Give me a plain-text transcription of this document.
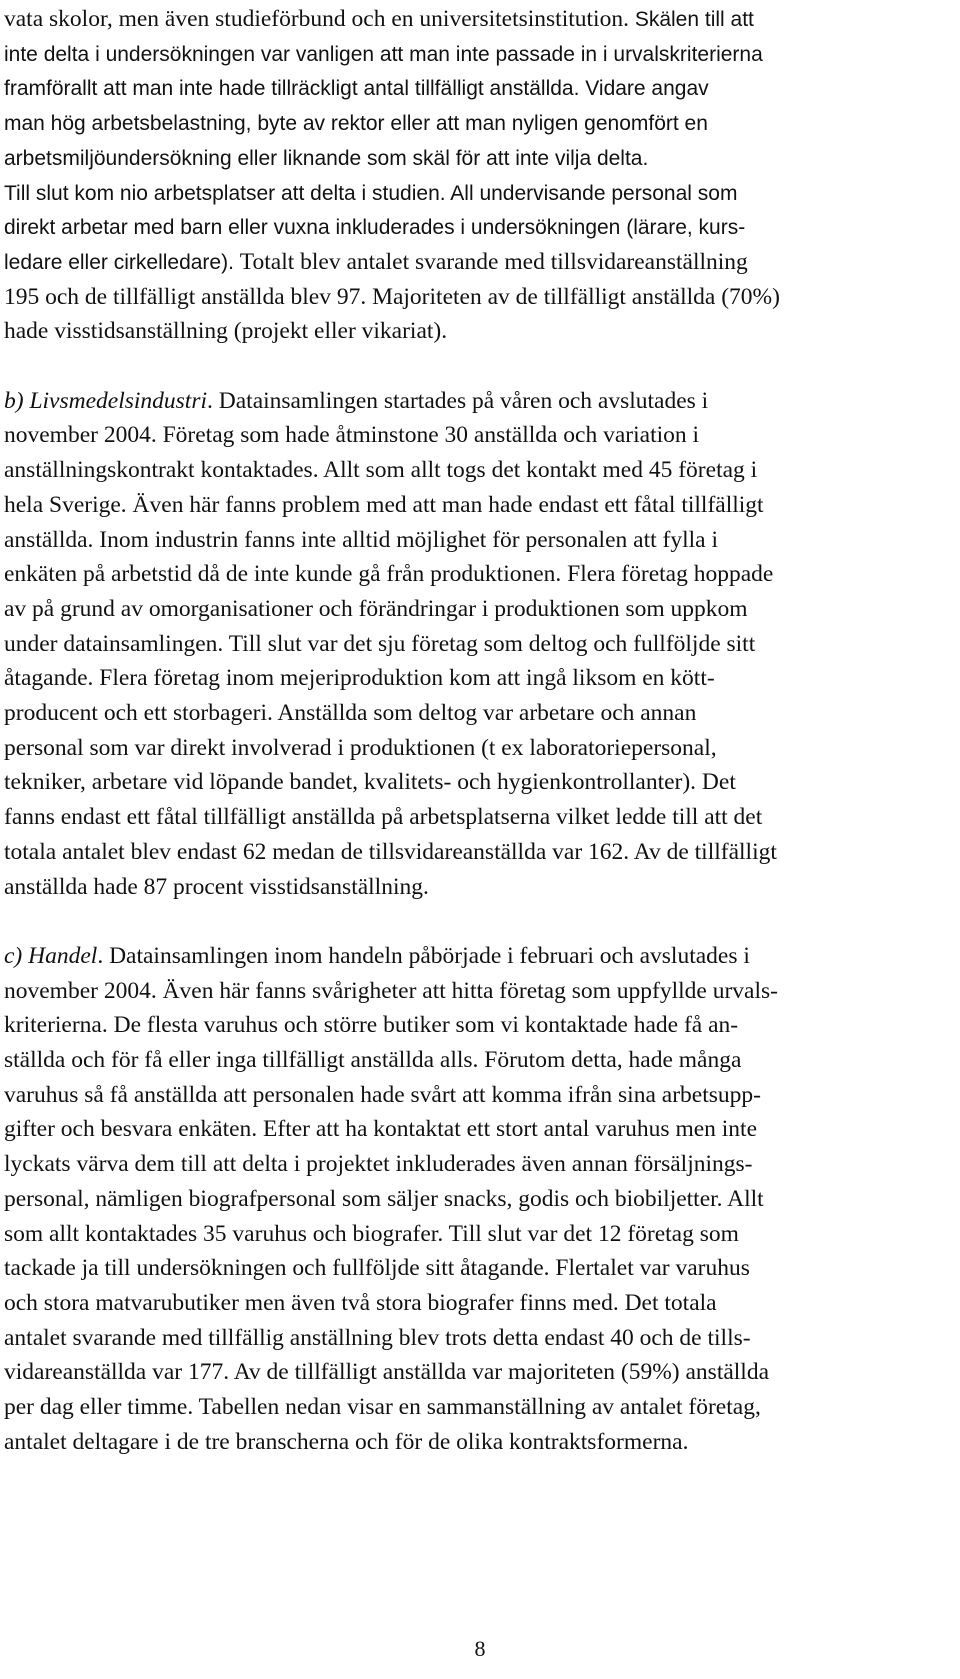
vata skolor, men även studieförbund och en universitetsinstitution. Skälen till att
inte delta i undersökningen var vanligen att man inte passade in i urvalskriterierna
framförallt att man inte hade tillräckligt antal tillfälligt anställda. Vidare angav
man hög arbetsbelastning, byte av rektor eller att man nyligen genomfört en
arbetsmiljöundersökning eller liknande som skäl för att inte vilja delta.
Till slut kom nio arbetsplatser att delta i studien. All undervisande personal som
direkt arbetar med barn eller vuxna inkluderades i undersökningen (lärare, kurs-
ledare eller cirkelledare). Totalt blev antalet svarande med tillsvidareanställning
195 och de tillfälligt anställda blev 97. Majoriteten av de tillfälligt anställda (70%)
hade visstidsanställning (projekt eller vikariat).
b) Livsmedelsindustri. Datainsamlingen startades på våren och avslutades i
november 2004. Företag som hade åtminstone 30 anställda och variation i
anställningskontrakt kontaktades. Allt som allt togs det kontakt med 45 företag i
hela Sverige. Även här fanns problem med att man hade endast ett fåtal tillfälligt
anställda. Inom industrin fanns inte alltid möjlighet för personalen att fylla i
enkäten på arbetstid då de inte kunde gå från produktionen. Flera företag hoppade
av på grund av omorganisationer och förändringar i produktionen som uppkom
under datainsamlingen. Till slut var det sju företag som deltog och fullföljde sitt
åtagande. Flera företag inom mejeriproduktion kom att ingå liksom en kött-
producent och ett storbageri. Anställda som deltog var arbetare och annan
personal som var direkt involverad i produktionen (t ex laboratoriepersonal,
tekniker, arbetare vid löpande bandet, kvalitets- och hygienkontrollanter). Det
fanns endast ett fåtal tillfälligt anställda på arbetsplatserna vilket ledde till att det
totala antalet blev endast 62 medan de tillsvidareanställda var 162. Av de tillfälligt
anställda hade 87 procent visstidsanställning.
c) Handel. Datainsamlingen inom handeln påbörjade i februari och avslutades i
november 2004. Även här fanns svårigheter att hitta företag som uppfyllde urvals-
kriterierna. De flesta varuhus och större butiker som vi kontaktade hade få an-
ställda och för få eller inga tillfälligt anställda alls. Förutom detta, hade många
varuhus så få anställda att personalen hade svårt att komma ifrån sina arbetsupp-
gifter och besvara enkäten. Efter att ha kontaktat ett stort antal varuhus men inte
lyckats värva dem till att delta i projektet inkluderades även annan försäljnings-
personal, nämligen biografpersonal som säljer snacks, godis och biobiljetter. Allt
som allt kontaktades 35 varuhus och biografer. Till slut var det 12 företag som
tackade ja till undersökningen och fullföljde sitt åtagande. Flertalet var varuhus
och stora matvarubutiker men även två stora biografer finns med. Det totala
antalet svarande med tillfällig anställning blev trots detta endast 40 och de tills-
vidareanställda var 177. Av de tillfälligt anställda var majoriteten (59%) anställda
per dag eller timme. Tabellen nedan visar en sammanställning av antalet företag,
antalet deltagare i de tre branscherna och för de olika kontraktsformerna.
8
